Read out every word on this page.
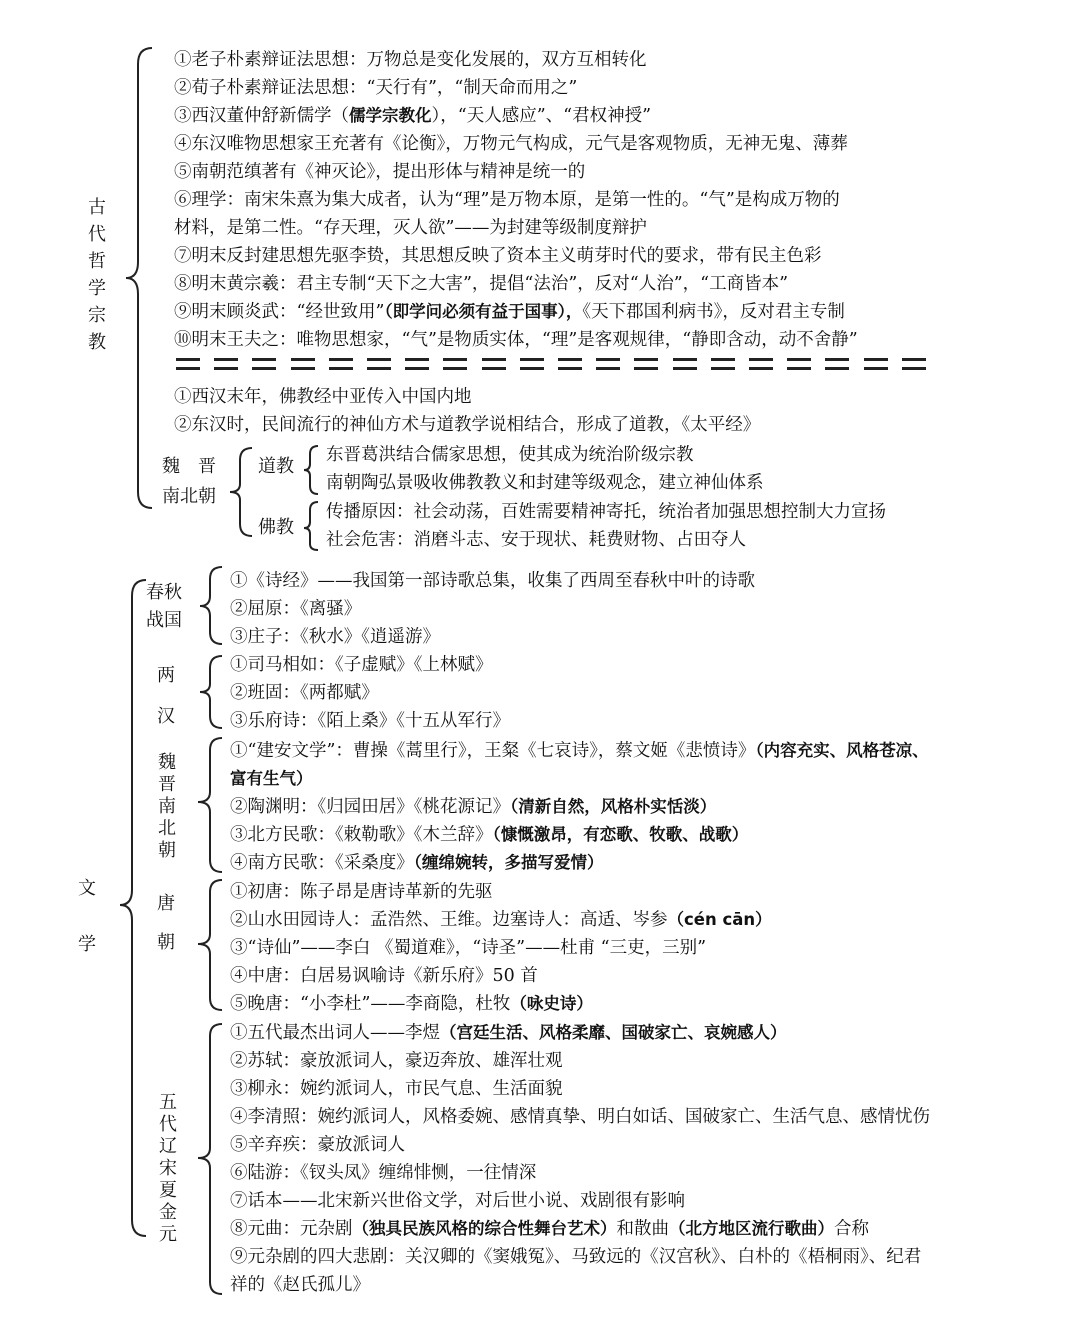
古代哲学宗教
①老子朴素辩证法思想：万物总是变化发展的，双方互相转化
②荀子朴素辩证法思想：“天行有”，“制天命而用之”
③西汉董仲舒新儒学（儒学宗教化），“天人感应”、“君权神授”
④东汉唯物思想家王充著有《论衡》，万物元气构成，元气是客观物质，无神无鬼、薄葬
⑤南朝范缜著有《神灭论》，提出形体与精神是统一的
⑥理学：南宋朱熹为集大成者，认为“理”是万物本原，是第一性的。“气”是构成万物的
材料，是第二性。“存天理，灭人欲”——为封建等级制度辩护
⑦明末反封建思想先驱李贽，其思想反映了资本主义萌芽时代的要求，带有民主色彩
⑧明末黄宗羲：君主专制“天下之大害”，提倡“法治”，反对“人治”，“工商皆本”
⑨明末顾炎武：“经世致用”（即学问必须有益于国事），《天下郡国利病书》，反对君主专制
⑩明末王夫之：唯物思想家，“气”是物质实体，“理”是客观规律，“静即含动，动不舍静”
①西汉末年，佛教经中亚传入中国内地
②东汉时，民间流行的神仙方术与道教学说相结合，形成了道教，《太平经》
魏　晋
南北朝
道教
东晋葛洪结合儒家思想，使其成为统治阶级宗教
南朝陶弘景吸收佛教教义和封建等级观念，建立神仙体系
佛教
传播原因：社会动荡，百姓需要精神寄托，统治者加强思想控制大力宣扬
社会危害：消磨斗志、安于现状、耗费财物、占田夺人
文学
春秋
战国
①《诗经》——我国第一部诗歌总集，收集了西周至春秋中叶的诗歌
②屈原：《离骚》
③庄子：《秋水》《逍遥游》
两
汉
①司马相如：《子虚赋》《上林赋》
②班固：《两都赋》
③乐府诗：《陌上桑》《十五从军行》
魏晋南北朝
①“建安文学”：曹操《蒿里行》，王粲《七哀诗》，蔡文姬《悲愤诗》（内容充实、风格苍凉、
富有生气）
②陶渊明：《归园田居》《桃花源记》（清新自然，风格朴实恬淡）
③北方民歌：《敕勒歌》《木兰辞》（慷慨激昂，有恋歌、牧歌、战歌）
④南方民歌：《采桑度》（缠绵婉转，多描写爱情）
唐
朝
①初唐：陈子昂是唐诗革新的先驱
②山水田园诗人：孟浩然、王维。边塞诗人：高适、岑参（cén cān）
③“诗仙”——李白 《蜀道难》，“诗圣”——杜甫 “三吏，三别”
④中唐：白居易讽喻诗《新乐府》50 首
⑤晚唐：“小李杜”——李商隐，杜牧（咏史诗）
五代辽宋夏金元
①五代最杰出词人——李煜（宫廷生活、风格柔靡、国破家亡、哀婉感人）
②苏轼：豪放派词人，豪迈奔放、雄浑壮观
③柳永：婉约派词人，市民气息、生活面貌
④李清照：婉约派词人，风格委婉、感情真挚、明白如话、国破家亡、生活气息、感情忧伤
⑤辛弃疾：豪放派词人
⑥陆游：《钗头凤》缠绵悱恻，一往情深
⑦话本——北宋新兴世俗文学，对后世小说、戏剧很有影响
⑧元曲：元杂剧（独具民族风格的综合性舞台艺术）和散曲（北方地区流行歌曲）合称
⑨元杂剧的四大悲剧：关汉卿的《窦娥冤》、马致远的《汉宫秋》、白朴的《梧桐雨》、纪君
祥的《赵氏孤儿》
